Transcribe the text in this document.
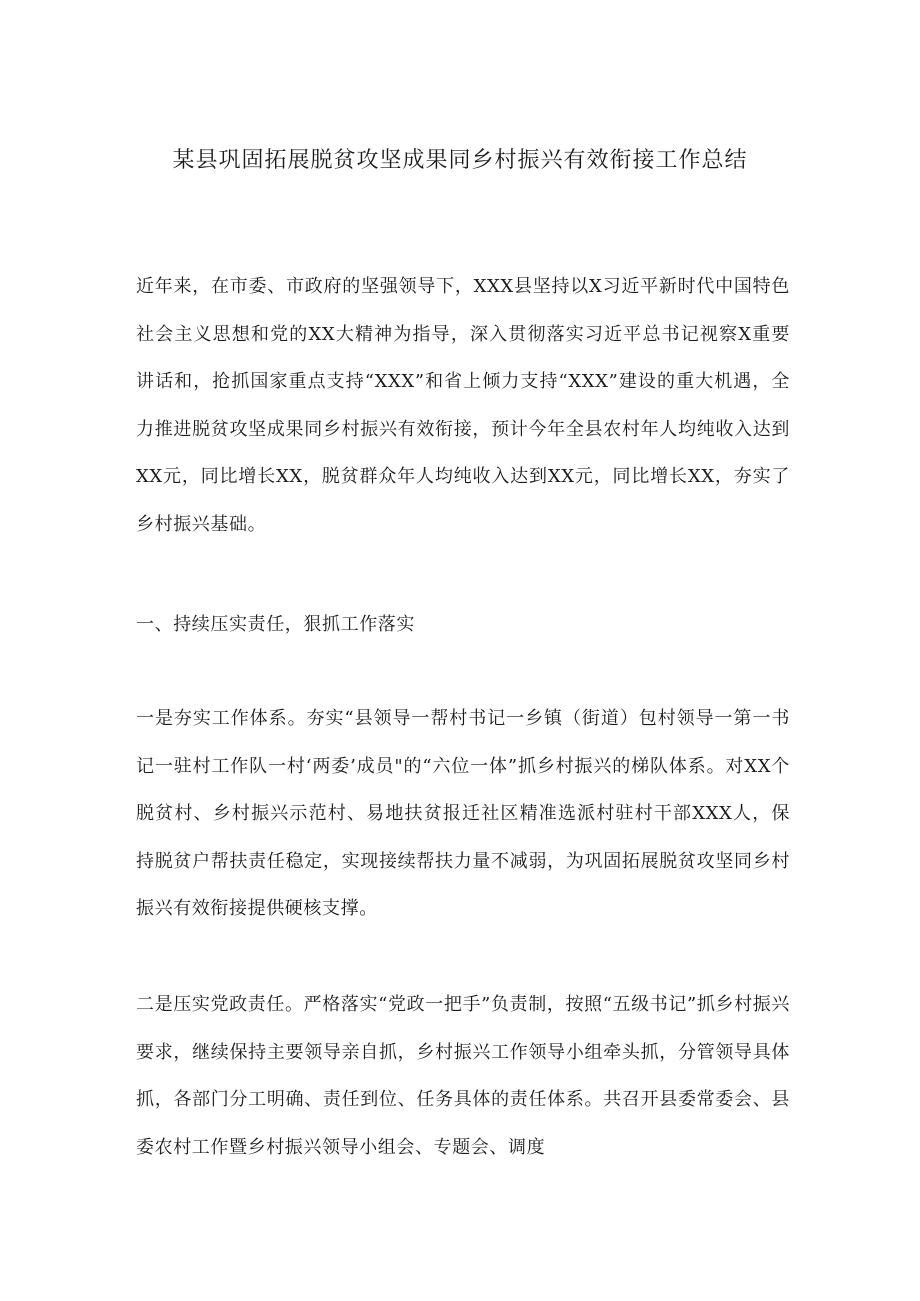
某县巩固拓展脱贫攻坚成果同乡村振兴有效衔接工作总结

近年来，在市委、市政府的坚强领导下，XXX县坚持以X习近平新时代中国特色社会主义思想和党的XX大精神为指导，深入贯彻落实习近平总书记视察X重要讲话和，抢抓国家重点支持“XXX”和省上倾力支持“XXX”建设的重大机遇，全力推进脱贫攻坚成果同乡村振兴有效衔接，预计今年全县农村年人均纯收入达到XX元，同比增长XX，脱贫群众年人均纯收入达到XX元，同比增长XX，夯实了乡村振兴基础。

一、持续压实责任，狠抓工作落实

一是夯实工作体系。夯实“县领导一帮村书记一乡镇（街道）包村领导一第一书记一驻村工作队一村‘两委’成员"的“六位一体”抓乡村振兴的梯队体系。对XX个脱贫村、乡村振兴示范村、易地扶贫报迁社区精准选派村驻村干部XXX人，保持脱贫户帮扶责任稳定，实现接续帮扶力量不减弱，为巩固拓展脱贫攻坚同乡村振兴有效衔接提供硬核支撑。

二是压实党政责任。严格落实“党政一把手”负责制，按照“五级书记”抓乡村振兴要求，继续保持主要领导亲自抓，乡村振兴工作领导小组牵头抓，分管领导具体抓，各部门分工明确、责任到位、任务具体的责任体系。共召开县委常委会、县委农村工作暨乡村振兴领导小组会、专题会、调度
